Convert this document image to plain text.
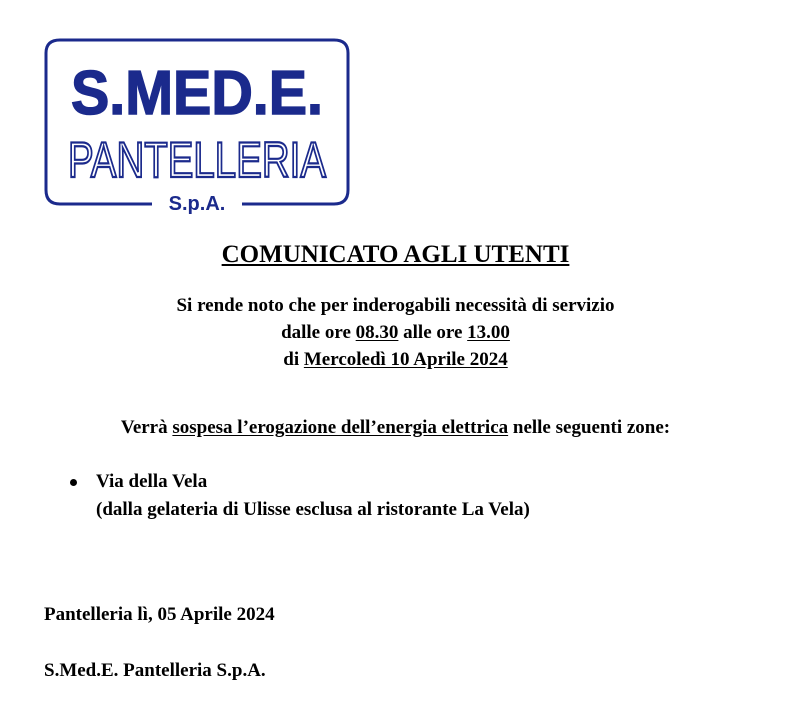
S.MED.E.
PANTELLERIA
S.p.A.
COMUNICATO AGLI UTENTI
Si rende noto che per inderogabili necessità di servizio
dalle ore 08.30 alle ore 13.00
di Mercoledì 10 Aprile 2024
Verrà sospesa l’erogazione dell’energia elettrica nelle seguenti zone:
Via della Vela
(dalla gelateria di Ulisse esclusa al ristorante La Vela)
Pantelleria lì, 05 Aprile 2024
S.Med.E. Pantelleria S.p.A.
